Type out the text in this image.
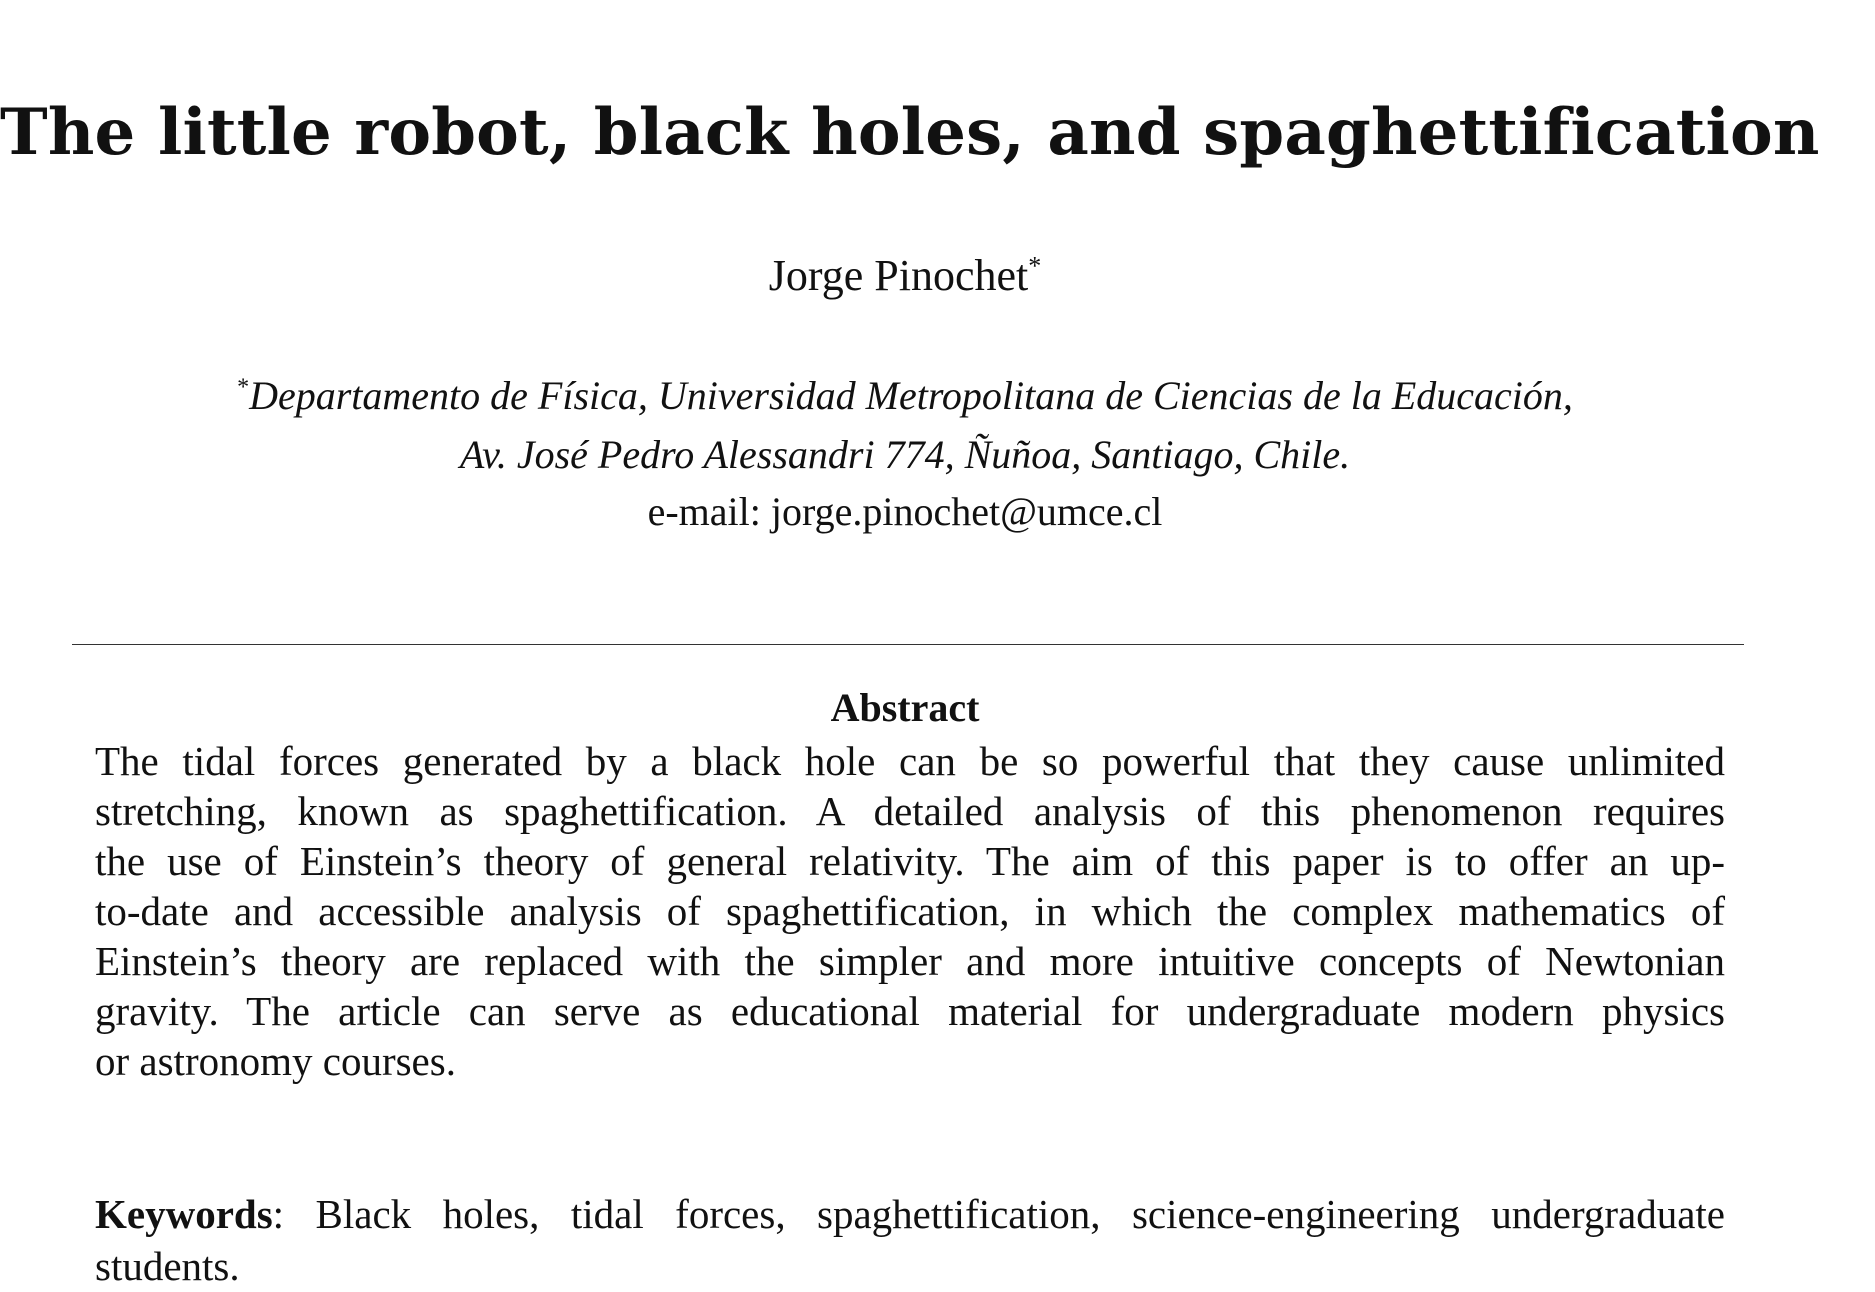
The little robot, black holes, and spaghettification
Jorge Pinochet*
*Departamento de Física, Universidad Metropolitana de Ciencias de la Educación,
Av. José Pedro Alessandri 774, Ñuñoa, Santiago, Chile.
e-mail: jorge.pinochet@umce.cl
Abstract
The tidal forces generated by a black hole can be so powerful that they cause unlimited
stretching, known as spaghettification. A detailed analysis of this phenomenon requires
the use of Einstein’s theory of general relativity. The aim of this paper is to offer an up-
to-date and accessible analysis of spaghettification, in which the complex mathematics of
Einstein’s theory are replaced with the simpler and more intuitive concepts of Newtonian
gravity. The article can serve as educational material for undergraduate modern physics
or astronomy courses.
Keywords: Black holes, tidal forces, spaghettification, science-engineering undergraduate
students.
